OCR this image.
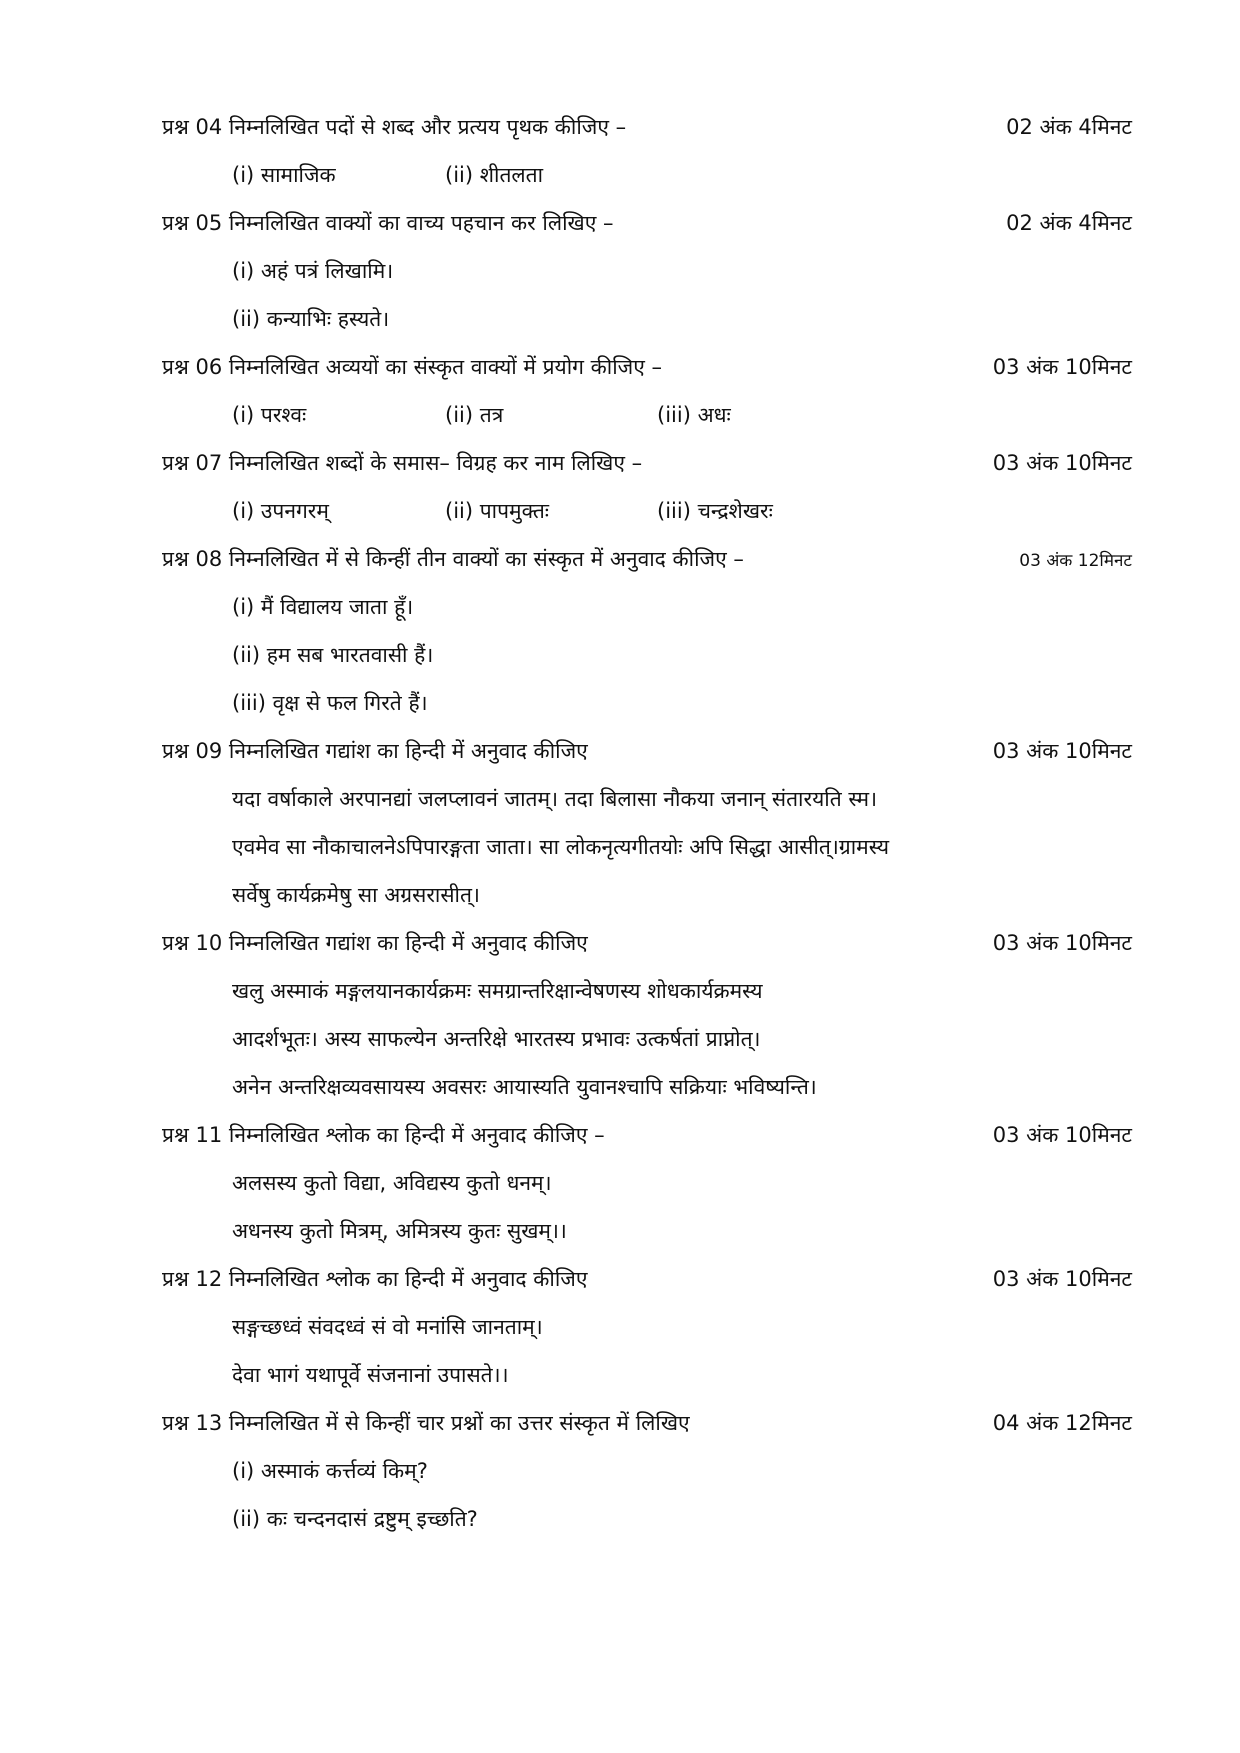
प्रश्न 04 निम्नलिखित पदों से शब्द और प्रत्यय पृथक कीजिए –	02 अंक 4मिनट
(i) सामाजिक	(ii) शीतलता
प्रश्न 05 निम्नलिखित वाक्यों का वाच्य पहचान कर लिखिए –	02 अंक 4मिनट
(i) अहं पत्रं लिखामि।
(ii) कन्याभिः हस्यते।
प्रश्न 06 निम्नलिखित अव्ययों का संस्कृत वाक्यों में प्रयोग कीजिए –	03 अंक 10मिनट
(i) परश्वः	(ii) तत्र	(iii) अधः
प्रश्न 07 निम्नलिखित शब्दों के समास– विग्रह कर नाम लिखिए –	03 अंक 10मिनट
(i) उपनगरम्	(ii) पापमुक्तः	(iii) चन्द्रशेखरः
प्रश्न 08 निम्नलिखित में से किन्हीं तीन वाक्यों का संस्कृत में अनुवाद कीजिए –	03 अंक 12मिनट
(i) मैं विद्यालय जाता हूँ।
(ii) हम सब भारतवासी हैं।
(iii) वृक्ष से फल गिरते हैं।
प्रश्न 09 निम्नलिखित गद्यांश का हिन्दी में अनुवाद कीजिए	03 अंक 10मिनट
यदा वर्षाकाले अरपानद्यां जलप्लावनं जातम्। तदा बिलासा नौकया जनान् संतारयति स्म।
एवमेव सा नौकाचालनेऽपिपारङ्गता जाता। सा लोकनृत्यगीतयोः अपि सिद्धा आसीत्।ग्रामस्य
सर्वेषु कार्यक्रमेषु सा अग्रसरासीत्।
प्रश्न 10 निम्नलिखित गद्यांश का हिन्दी में अनुवाद कीजिए	03 अंक 10मिनट
खलु अस्माकं मङ्गलयानकार्यक्रमः समग्रान्तरिक्षान्वेषणस्य शोधकार्यक्रमस्य
आदर्शभूतः। अस्य साफल्येन अन्तरिक्षे भारतस्य प्रभावः उत्कर्षतां प्राप्नोत्।
अनेन अन्तरिक्षव्यवसायस्य अवसरः आयास्यति युवानश्चापि सक्रियाः भविष्यन्ति।
प्रश्न 11 निम्नलिखित श्लोक का हिन्दी में अनुवाद कीजिए –	03 अंक 10मिनट
अलसस्य कुतो विद्या, अविद्यस्य कुतो धनम्।
अधनस्य कुतो मित्रम्, अमित्रस्य कुतः सुखम्।।
प्रश्न 12 निम्नलिखित श्लोक का हिन्दी में अनुवाद कीजिए	03 अंक 10मिनट
सङ्गच्छध्वं संवदध्वं सं वो मनांसि जानताम्।
देवा भागं यथापूर्वे संजनानां उपासते।।
प्रश्न 13 निम्नलिखित में से किन्हीं चार प्रश्नों का उत्तर संस्कृत में लिखिए	04 अंक 12मिनट
(i) अस्माकं कर्त्तव्यं किम्?
(ii) कः चन्दनदासं द्रष्टुम् इच्छति?
